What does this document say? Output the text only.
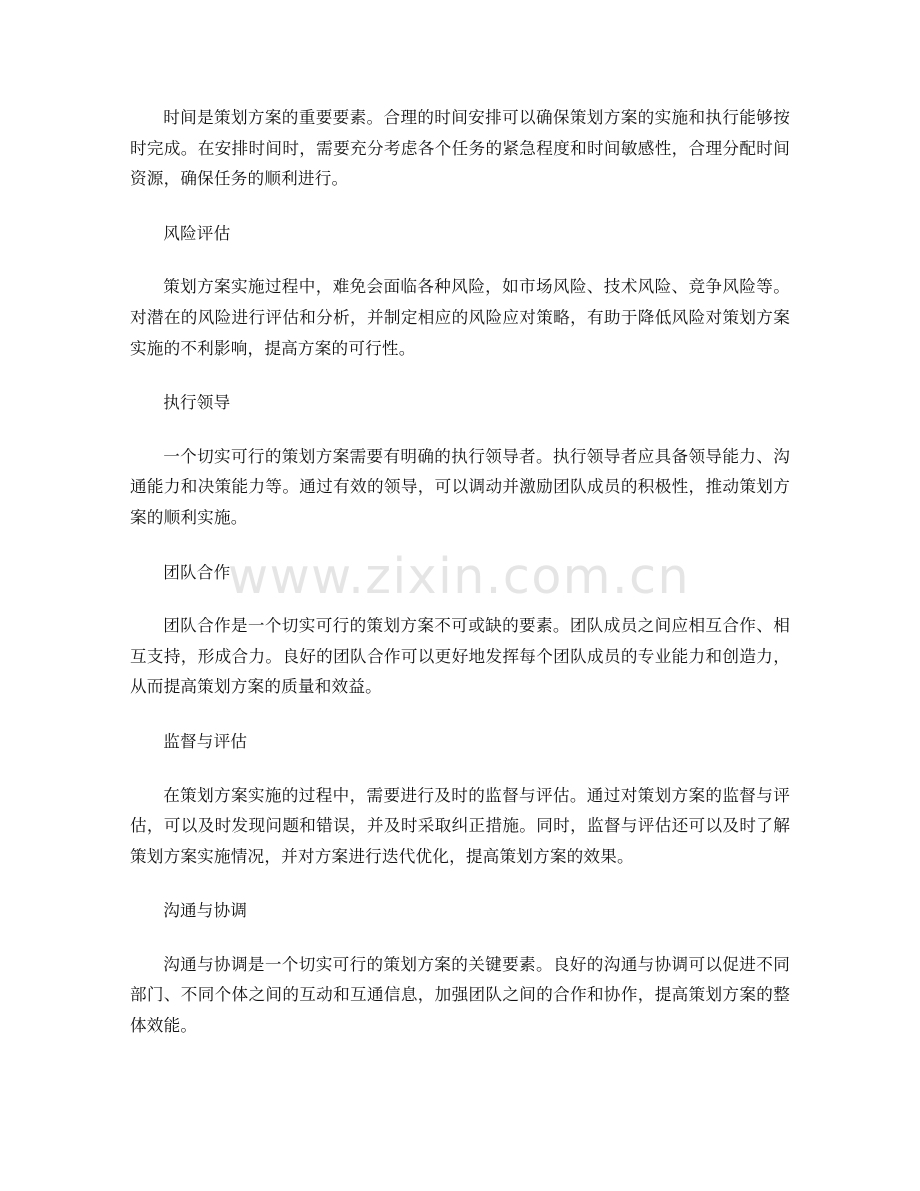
时间是策划方案的重要要素。合理的时间安排可以确保策划方案的实施和执行能够按时完成。在安排时间时，需要充分考虑各个任务的紧急程度和时间敏感性，合理分配时间资源，确保任务的顺利进行。

风险评估

策划方案实施过程中，难免会面临各种风险，如市场风险、技术风险、竞争风险等。对潜在的风险进行评估和分析，并制定相应的风险应对策略，有助于降低风险对策划方案实施的不利影响，提高方案的可行性。

执行领导

一个切实可行的策划方案需要有明确的执行领导者。执行领导者应具备领导能力、沟通能力和决策能力等。通过有效的领导，可以调动并激励团队成员的积极性，推动策划方案的顺利实施。

团队合作

团队合作是一个切实可行的策划方案不可或缺的要素。团队成员之间应相互合作、相互支持，形成合力。良好的团队合作可以更好地发挥每个团队成员的专业能力和创造力，从而提高策划方案的质量和效益。

监督与评估

在策划方案实施的过程中，需要进行及时的监督与评估。通过对策划方案的监督与评估，可以及时发现问题和错误，并及时采取纠正措施。同时，监督与评估还可以及时了解策划方案实施情况，并对方案进行迭代优化，提高策划方案的效果。

沟通与协调

沟通与协调是一个切实可行的策划方案的关键要素。良好的沟通与协调可以促进不同部门、不同个体之间的互动和互通信息，加强团队之间的合作和协作，提高策划方案的整体效能。

www.zixin.com.cn
